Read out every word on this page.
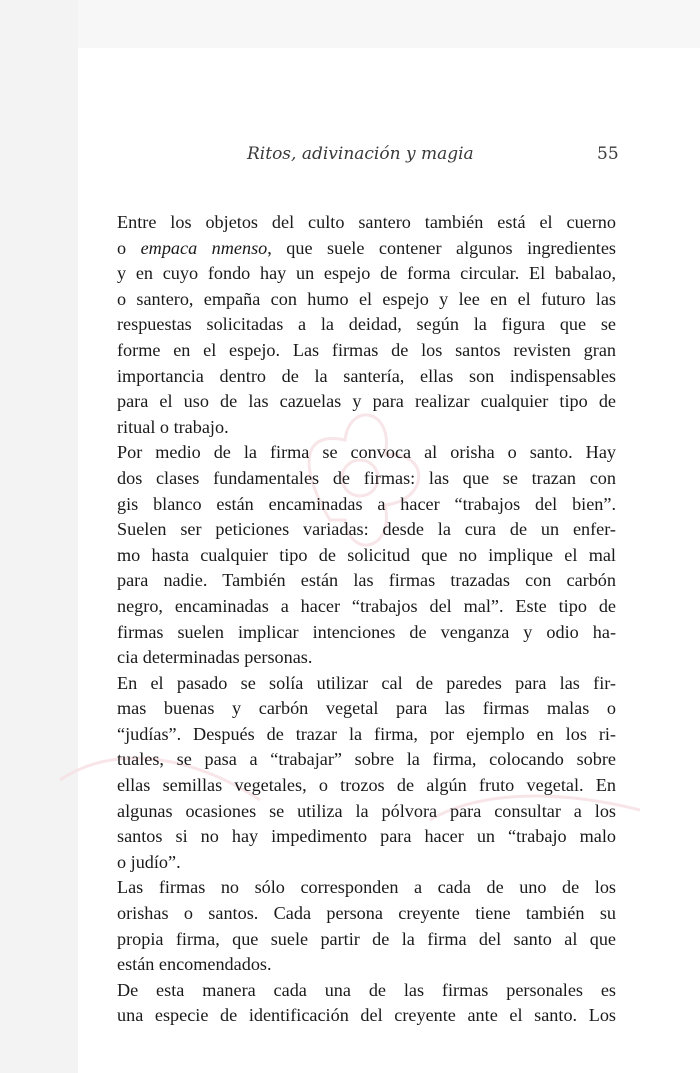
Ritos, adivinación y magia	55
Entre los objetos del culto santero también está el cuerno
o empaca nmenso, que suele contener algunos ingredientes
y en cuyo fondo hay un espejo de forma circular. El babalao,
o santero, empaña con humo el espejo y lee en el futuro las
respuestas solicitadas a la deidad, según la figura que se
forme en el espejo. Las firmas de los santos revisten gran
importancia dentro de la santería, ellas son indispensables
para el uso de las cazuelas y para realizar cualquier tipo de
ritual o trabajo.
Por medio de la firma se convoca al orisha o santo. Hay
dos clases fundamentales de firmas: las que se trazan con
gis blanco están encaminadas a hacer “trabajos del bien”.
Suelen ser peticiones variadas: desde la cura de un enfer-
mo hasta cualquier tipo de solicitud que no implique el mal
para nadie. También están las firmas trazadas con carbón
negro, encaminadas a hacer “trabajos del mal”. Este tipo de
firmas suelen implicar intenciones de venganza y odio ha-
cia determinadas personas.
En el pasado se solía utilizar cal de paredes para las fir-
mas buenas y carbón vegetal para las firmas malas o
“judías”. Después de trazar la firma, por ejemplo en los ri-
tuales, se pasa a “trabajar” sobre la firma, colocando sobre
ellas semillas vegetales, o trozos de algún fruto vegetal. En
algunas ocasiones se utiliza la pólvora para consultar a los
santos si no hay impedimento para hacer un “trabajo malo
o judío”.
Las firmas no sólo corresponden a cada de uno de los
orishas o santos. Cada persona creyente tiene también su
propia firma, que suele partir de la firma del santo al que
están encomendados.
De esta manera cada una de las firmas personales es
una especie de identificación del creyente ante el santo. Los
